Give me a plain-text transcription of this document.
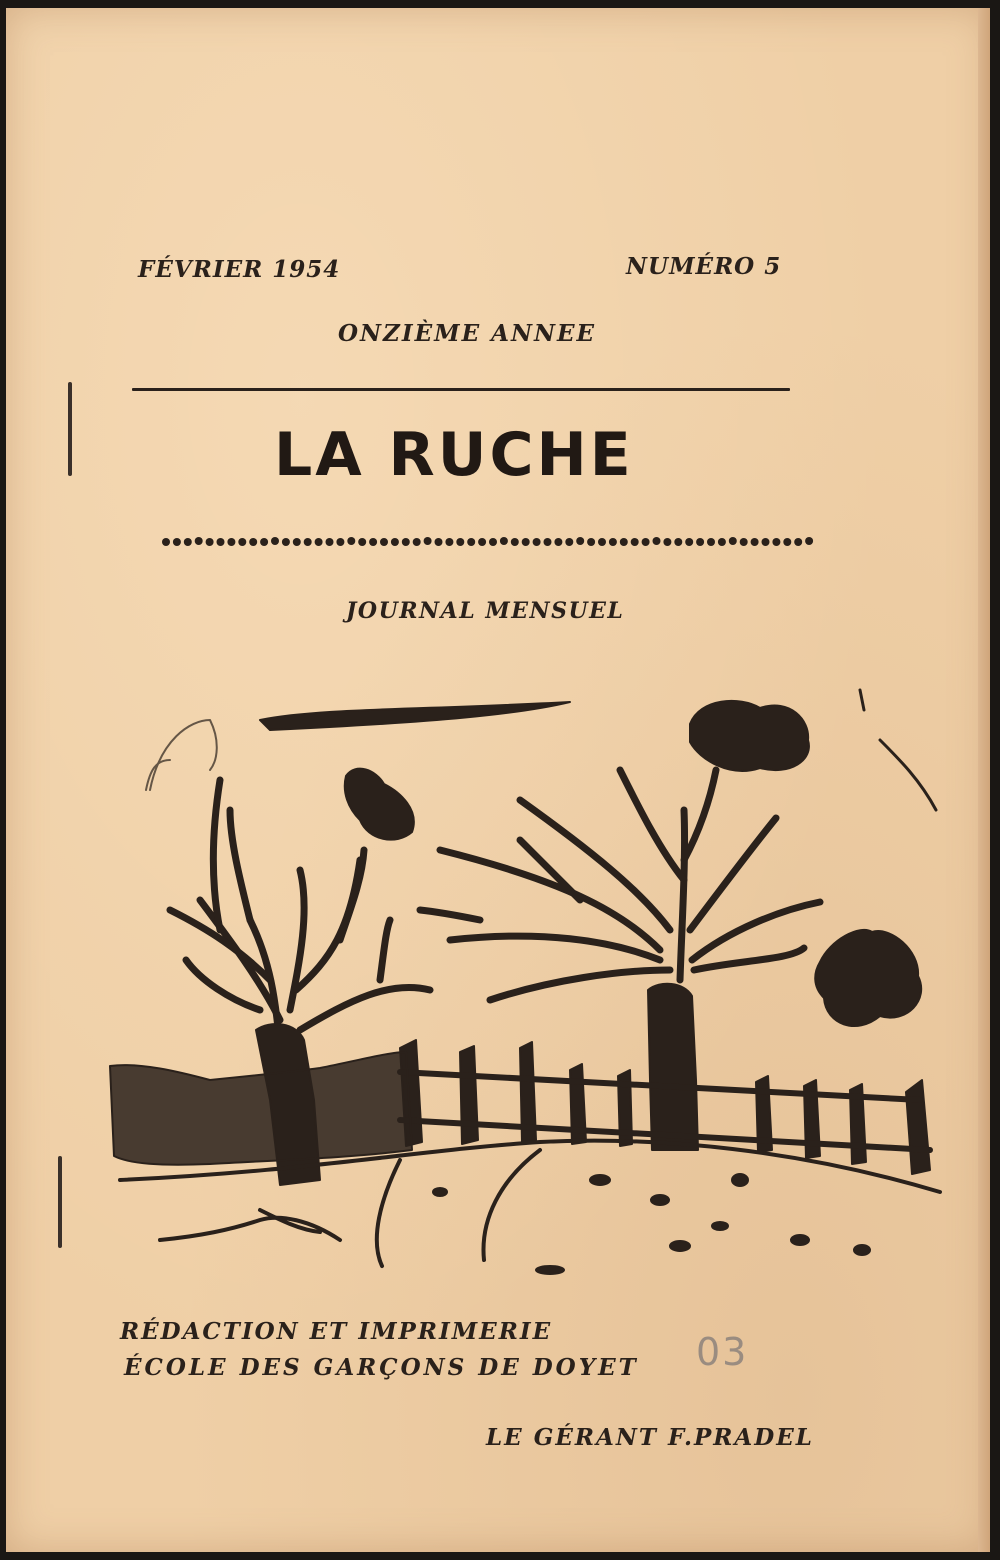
FÉVRIER 1954	NUMÉRO 5
ONZIÈME ANNEE
LA RUCHE
JOURNAL MENSUEL
RÉDACTION ET IMPRIMERIE
ÉCOLE DES GARÇONS DE DOYET 03
LE GÉRANT F.PRADEL
